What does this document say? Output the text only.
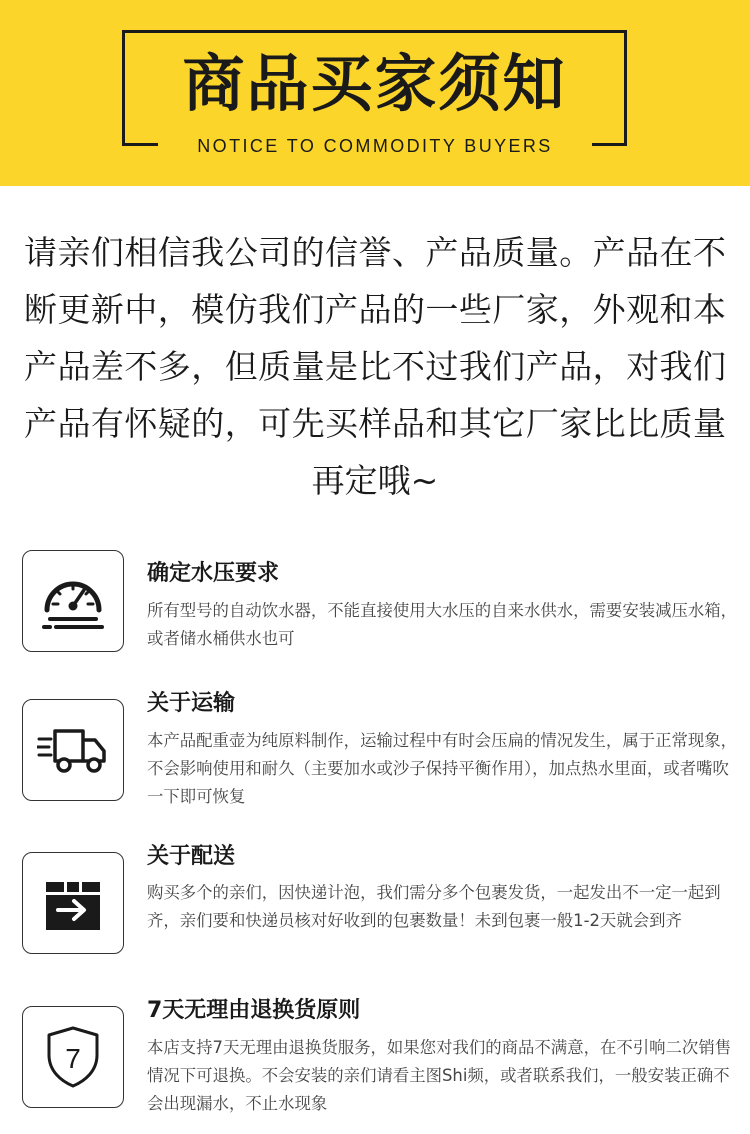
商品买家须知
NOTICE TO COMMODITY BUYERS
请亲们相信我公司的信誉、产品质量。产品在不断更新中，模仿我们产品的一些厂家，外观和本产品差不多，但质量是比不过我们产品，对我们产品有怀疑的，可先买样品和其它厂家比比质量再定哦~
确定水压要求
所有型号的自动饮水器，不能直接使用大水压的自来水供水，需要安装减压水箱，或者储水桶供水也可
关于运输
本产品配重壶为纯原料制作，运输过程中有时会压扁的情况发生，属于正常现象，不会影响使用和耐久（主要加水或沙子保持平衡作用），加点热水里面，或者嘴吹一下即可恢复
关于配送
购买多个的亲们，因快递计泡，我们需分多个包裹发货，一起发出不一定一起到齐，亲们要和快递员核对好收到的包裹数量！未到包裹一般1-2天就会到齐
7
7天无理由退换货原则
本店支持7天无理由退换货服务，如果您对我们的商品不满意，在不引响二次销售情况下可退换。不会安装的亲们请看主图Shi频，或者联系我们，一般安装正确不会出现漏水，不止水现象
